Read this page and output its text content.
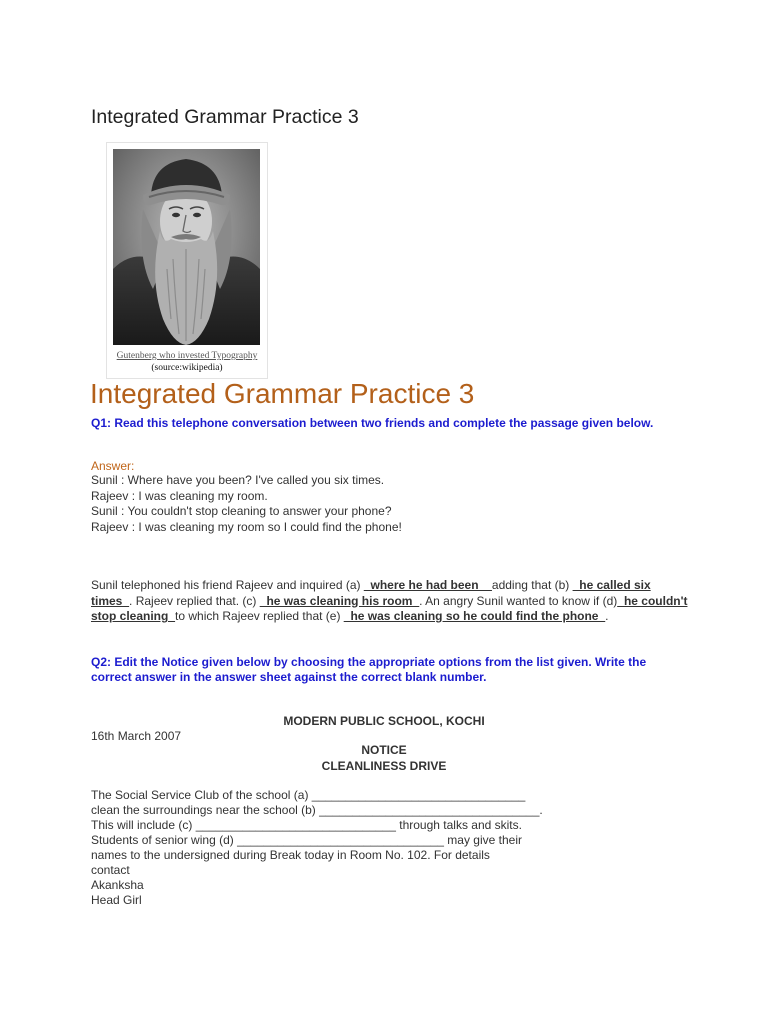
Integrated Grammar Practice 3
Gutenberg who invested Typography
(source:wikipedia)
Integrated Grammar Practice 3
Q1: Read this telephone conversation between two friends and complete the passage given below.
Answer:
Sunil : Where have you been? I've called you six times.
Rajeev : I was cleaning my room.
Sunil : You couldn't stop cleaning to answer your phone?
Rajeev : I was cleaning my room so I could find the phone!
Sunil telephoned his friend Rajeev and inquired (a) _where he had been__adding that (b) _he called six times_. Rajeev replied that. (c) _he was cleaning his room_. An angry Sunil wanted to know if (d)_he couldn't stop cleaning_to which Rajeev replied that (e) _he was cleaning so he could find the phone_.
Q2: Edit the Notice given below by choosing the appropriate options from the list given. Write the correct answer in the answer sheet against the correct blank number.
MODERN PUBLIC SCHOOL, KOCHI
16th March 2007
NOTICE
CLEANLINESS DRIVE
The Social Service Club of the school (a) ________________________________
clean the surroundings near the school (b) _________________________________.
This will include (c) ______________________________ through talks and skits.
Students of senior wing (d) _______________________________ may give their
names to the undersigned during Break today in Room No. 102. For details
contact
Akanksha
Head Girl
